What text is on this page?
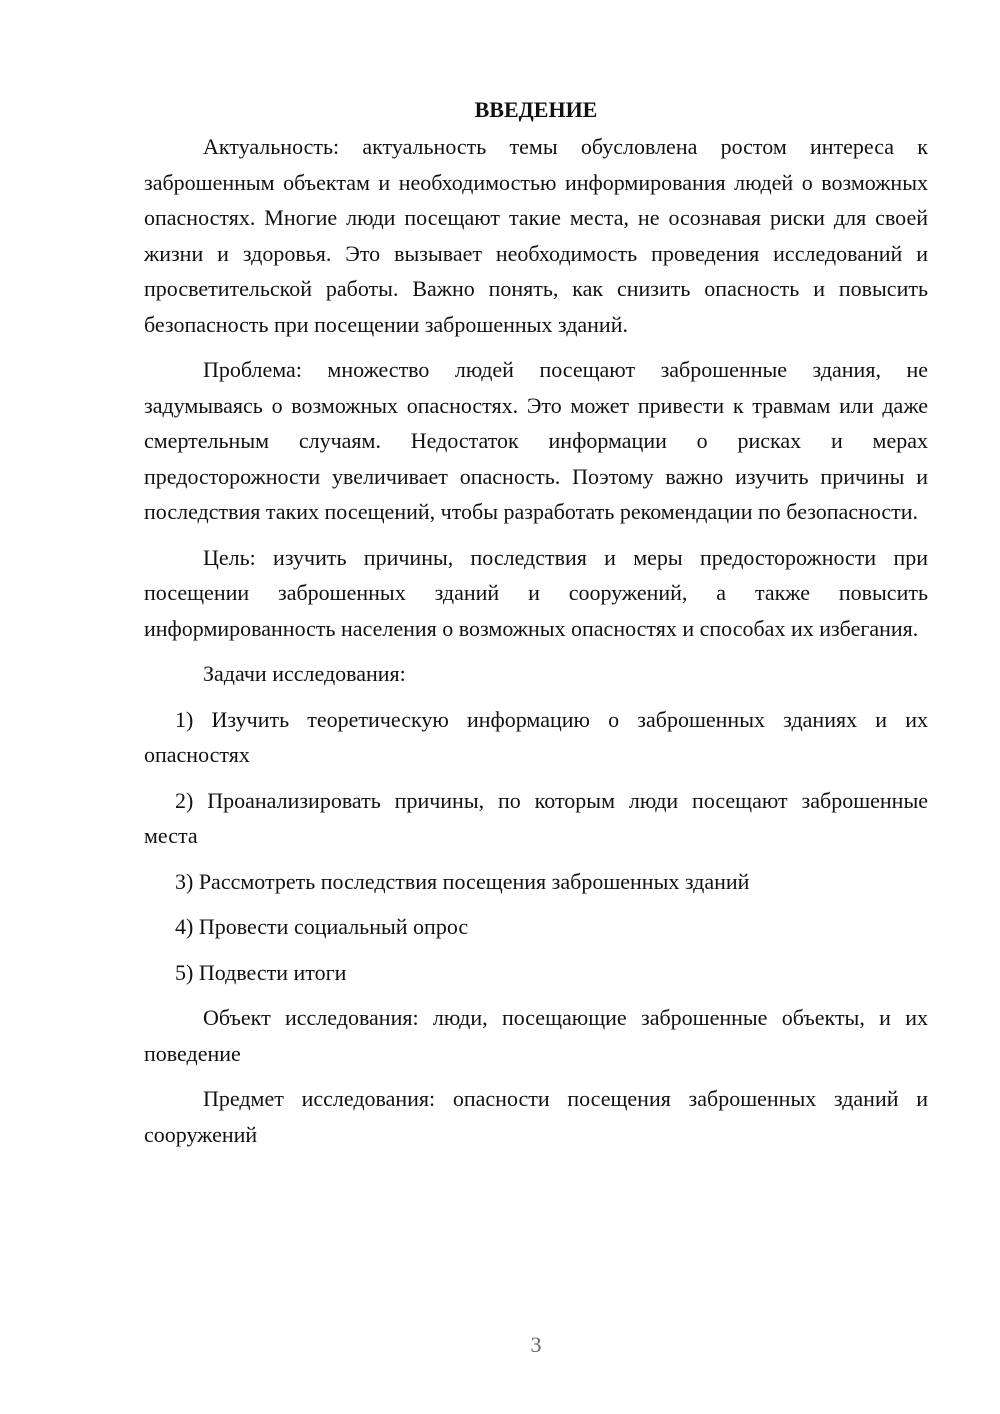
ВВЕДЕНИЕ
Актуальность: актуальность темы обусловлена ростом интереса к заброшенным объектам и необходимостью информирования людей о возможных опасностях. Многие люди посещают такие места, не осознавая риски для своей жизни и здоровья. Это вызывает необходимость проведения исследований и просветительской работы. Важно понять, как снизить опасность и повысить безопасность при посещении заброшенных зданий.
Проблема: множество людей посещают заброшенные здания, не задумываясь о возможных опасностях. Это может привести к травмам или даже смертельным случаям. Недостаток информации о рисках и мерах предосторожности увеличивает опасность. Поэтому важно изучить причины и последствия таких посещений, чтобы разработать рекомендации по безопасности.
Цель: изучить причины, последствия и меры предосторожности при посещении заброшенных зданий и сооружений, а также повысить информированность населения о возможных опасностях и способах их избегания.
Задачи исследования:
1) Изучить теоретическую информацию о заброшенных зданиях и их опасностях
2) Проанализировать причины, по которым люди посещают заброшенные места
3) Рассмотреть последствия посещения заброшенных зданий
4) Провести социальный опрос
5) Подвести итоги
Объект исследования: люди, посещающие заброшенные объекты, и их поведение
Предмет исследования: опасности посещения заброшенных зданий и сооружений
3
